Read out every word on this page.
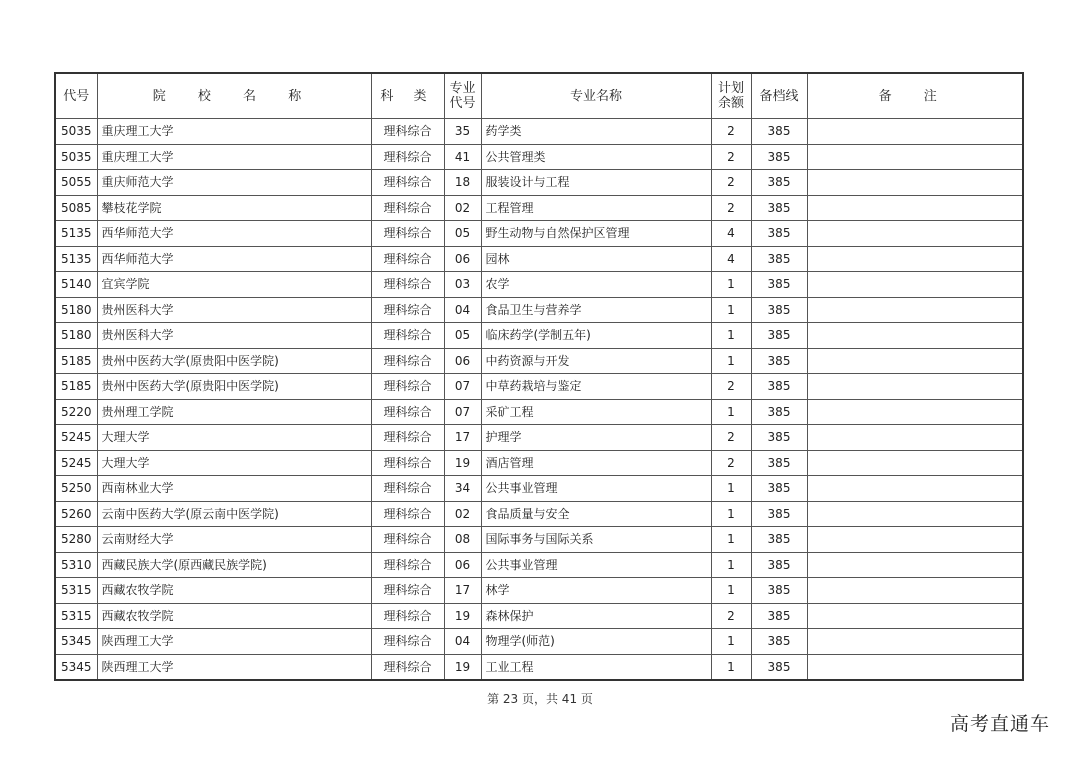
代号	院 校 名 称	科 类	专业代号	专业名称	计划余额	备档线	备 注
5035	重庆理工大学	理科综合	35	药学类	2	385	
5035	重庆理工大学	理科综合	41	公共管理类	2	385	
5055	重庆师范大学	理科综合	18	服装设计与工程	2	385	
5085	攀枝花学院	理科综合	02	工程管理	2	385	
5135	西华师范大学	理科综合	05	野生动物与自然保护区管理	4	385	
5135	西华师范大学	理科综合	06	园林	4	385	
5140	宜宾学院	理科综合	03	农学	1	385	
5180	贵州医科大学	理科综合	04	食品卫生与营养学	1	385	
5180	贵州医科大学	理科综合	05	临床药学(学制五年)	1	385	
5185	贵州中医药大学(原贵阳中医学院)	理科综合	06	中药资源与开发	1	385	
5185	贵州中医药大学(原贵阳中医学院)	理科综合	07	中草药栽培与鉴定	2	385	
5220	贵州理工学院	理科综合	07	采矿工程	1	385	
5245	大理大学	理科综合	17	护理学	2	385	
5245	大理大学	理科综合	19	酒店管理	2	385	
5250	西南林业大学	理科综合	34	公共事业管理	1	385	
5260	云南中医药大学(原云南中医学院)	理科综合	02	食品质量与安全	1	385	
5280	云南财经大学	理科综合	08	国际事务与国际关系	1	385	
5310	西藏民族大学(原西藏民族学院)	理科综合	06	公共事业管理	1	385	
5315	西藏农牧学院	理科综合	17	林学	1	385	
5315	西藏农牧学院	理科综合	19	森林保护	2	385	
5345	陕西理工大学	理科综合	04	物理学(师范)	1	385	
5345	陕西理工大学	理科综合	19	工业工程	1	385	
第 23 页，共 41 页
高考直通车
